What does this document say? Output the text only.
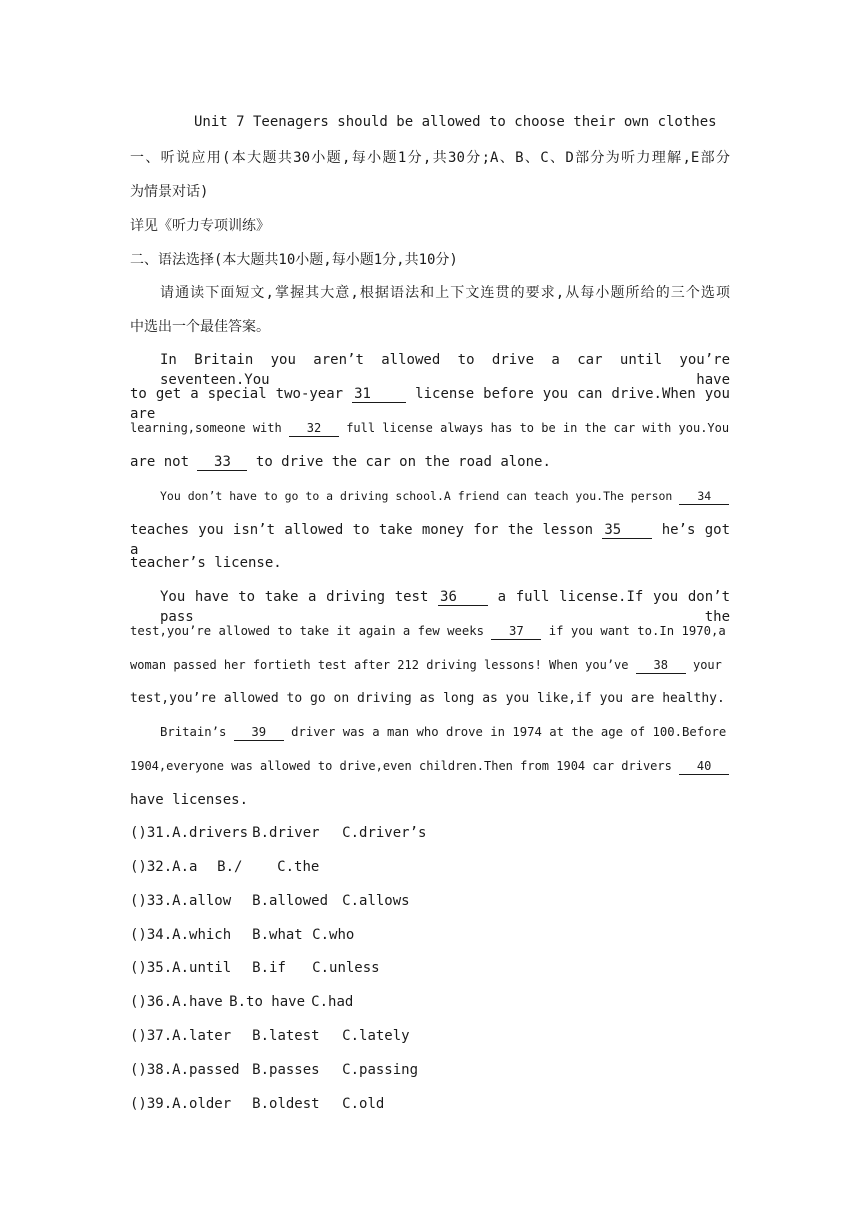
Unit 7 Teenagers should be allowed to choose their own clothes
一、听说应用(本大题共30小题,每小题1分,共30分;A、B、C、D部分为听力理解,E部分
为情景对话)
详见《听力专项训练》
二、语法选择(本大题共10小题,每小题1分,共10分)
请通读下面短文,掌握其大意,根据语法和上下文连贯的要求,从每小题所给的三个选项
中选出一个最佳答案。
In Britain you aren’t allowed to drive a car until you’re seventeen.You have
to get a special two-year 31	license before you can drive.When you are
learning,someone with 32 full license always has to be in the car with you.You
are not 33 to drive the car on the road alone.
You don’t have to go to a driving school.A friend can teach you.The person 34
teaches you isn’t allowed to take money for the lesson 35	he’s got a
teacher’s license.
You have to take a driving test 36	a full license.If you don’t pass the
test,you’re allowed to take it again a few weeks 37 if you want to.In 1970,a
woman passed her fortieth test after 212 driving lessons! When you’ve 38 your
test,you’re allowed to go on driving as long as you like,if you are healthy.
Britain’s 39 driver was a man who drove in 1974 at the age of 100.Before
1904,everyone was allowed to drive,even children.Then from 1904 car drivers 40
have licenses.
()31.A.drivers B.driver C.driver’s
()32.A.a B./ C.the
()33.A.allow B.allowed C.allows
()34.A.which B.what C.who
()35.A.until B.if C.unless
()36.A.have B.to have C.had
()37.A.later B.latest C.lately
()38.A.passed B.passes C.passing
()39.A.older B.oldest C.old
